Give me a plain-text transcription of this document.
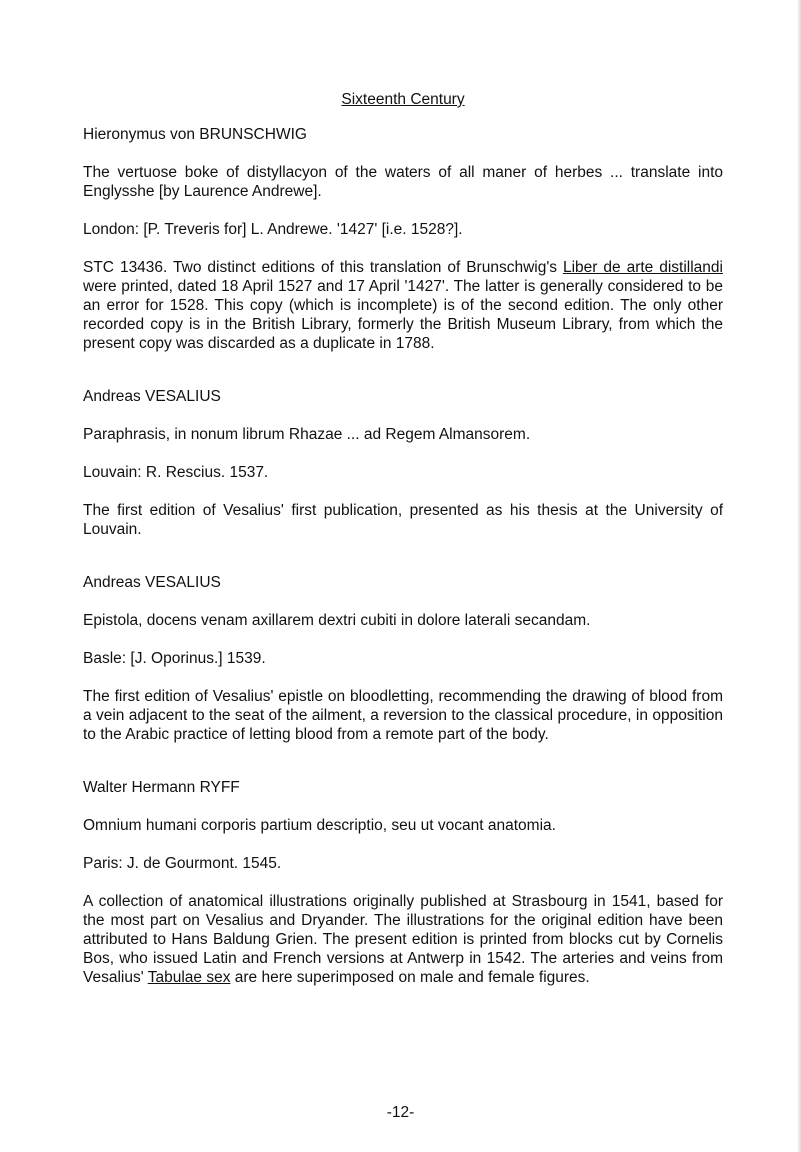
Sixteenth Century

Hieronymus von BRUNSCHWIG

The vertuose boke of distyllacyon of the waters of all maner of herbes ... translate into Englysshe [by Laurence Andrewe].

London: [P. Treveris for] L. Andrewe. '1427' [i.e. 1528?].

STC 13436. Two distinct editions of this translation of Brunschwig's Liber de arte distillandi were printed, dated 18 April 1527 and 17 April '1427'. The latter is generally considered to be an error for 1528. This copy (which is incomplete) is of the second edition. The only other recorded copy is in the British Library, formerly the British Museum Library, from which the present copy was discarded as a duplicate in 1788.

Andreas VESALIUS

Paraphrasis, in nonum librum Rhazae ... ad Regem Almansorem.

Louvain: R. Rescius. 1537.

The first edition of Vesalius' first publication, presented as his thesis at the University of Louvain.

Andreas VESALIUS

Epistola, docens venam axillarem dextri cubiti in dolore laterali secandam.

Basle: [J. Oporinus.] 1539.

The first edition of Vesalius' epistle on bloodletting, recommending the drawing of blood from a vein adjacent to the seat of the ailment, a reversion to the classical procedure, in opposition to the Arabic practice of letting blood from a remote part of the body.

Walter Hermann RYFF

Omnium humani corporis partium descriptio, seu ut vocant anatomia.

Paris: J. de Gourmont. 1545.

A collection of anatomical illustrations originally published at Strasbourg in 1541, based for the most part on Vesalius and Dryander. The illustrations for the original edition have been attributed to Hans Baldung Grien. The present edition is printed from blocks cut by Cornelis Bos, who issued Latin and French versions at Antwerp in 1542. The arteries and veins from Vesalius' Tabulae sex are here superimposed on male and female figures.

-12-
